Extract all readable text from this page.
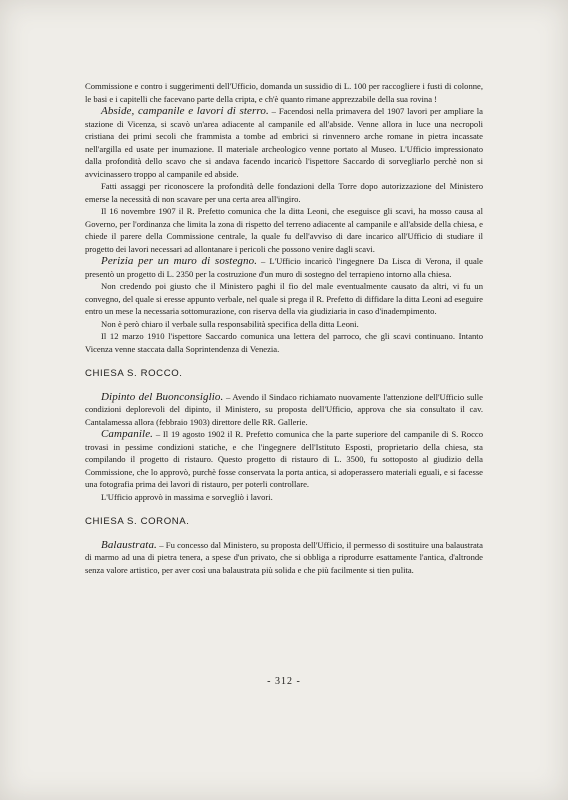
Commissione e contro i suggerimenti dell'Ufficio, domanda un sussidio di L. 100 per raccogliere i fusti di colonne, le basi e i capitelli che facevano parte della cripta, e ch'è quanto rimane apprezzabile della sua rovina !

Abside, campanile e lavori di sterro. – Facendosi nella primavera del 1907 lavori per ampliare la stazione di Vicenza, si scavò un'area adiacente al campanile ed all'abside. Venne allora in luce una necropoli cristiana dei primi secoli che frammista a tombe ad embrici si rinvennero arche romane in pietra incassate nell'argilla ed usate per inumazione. Il materiale archeologico venne portato al Museo. L'Ufficio impressionato dalla profondità dello scavo che si andava facendo incaricò l'ispettore Saccardo di sorvegliarlo perchè non si avvicinassero troppo al campanile ed abside.

Fatti assaggi per riconoscere la profondità delle fondazioni della Torre dopo autorizzazione del Ministero emerse la necessità di non scavare per una certa area all'ingiro.

Il 16 novembre 1907 il R. Prefetto comunica che la ditta Leoni, che eseguisce gli scavi, ha mosso causa al Governo, per l'ordinanza che limita la zona di rispetto del terreno adiacente al campanile e all'abside della chiesa, e chiede il parere della Commissione centrale, la quale fu dell'avviso di dare incarico all'Ufficio di studiare il progetto dei lavori necessari ad allontanare i pericoli che possono venire dagli scavi.

Perizia per un muro di sostegno. – L'Ufficio incaricò l'ingegnere Da Lisca di Verona, il quale presentò un progetto di L. 2350 per la costruzione d'un muro di sostegno del terrapieno intorno alla chiesa.

Non credendo poi giusto che il Ministero paghi il fio del male eventualmente causato da altri, vi fu un convegno, del quale si eresse appunto verbale, nel quale si prega il R. Prefetto di diffidare la ditta Leoni ad eseguire entro un mese la necessaria sottomurazione, con riserva della via giudiziaria in caso d'inadempimento.

Non è però chiaro il verbale sulla responsabilità specifica della ditta Leoni.

Il 12 marzo 1910 l'ispettore Saccardo comunica una lettera del parroco, che gli scavi continuano. Intanto Vicenza venne staccata dalla Soprintendenza di Venezia.

CHIESA S. ROCCO.

Dipinto del Buonconsiglio. – Avendo il Sindaco richiamato nuovamente l'attenzione dell'Ufficio sulle condizioni deplorevoli del dipinto, il Ministero, su proposta dell'Ufficio, approva che sia consultato il cav. Cantalamessa allora (febbraio 1903) direttore delle RR. Gallerie.

Campanile. – Il 19 agosto 1902 il R. Prefetto comunica che la parte superiore del campanile di S. Rocco trovasi in pessime condizioni statiche, e che l'ingegnere dell'Istituto Esposti, proprietario della chiesa, sta compilando il progetto di ristauro. Questo progetto di ristauro di L. 3500, fu sottoposto al giudizio della Commissione, che lo approvò, purchè fosse conservata la porta antica, si adoperassero materiali eguali, e si facesse una fotografia prima dei lavori di ristauro, per poterli controllare.

L'Ufficio approvò in massima e sorvegliò i lavori.

CHIESA S. CORONA.

Balaustrata. – Fu concesso dal Ministero, su proposta dell'Ufficio, il permesso di sostituire una balaustrata di marmo ad una di pietra tenera, a spese d'un privato, che si obbliga a riprodurre esattamente l'antica, d'altronde senza valore artistico, per aver così una balaustrata più solida e che più facilmente si tien pulita.

- 312 -
